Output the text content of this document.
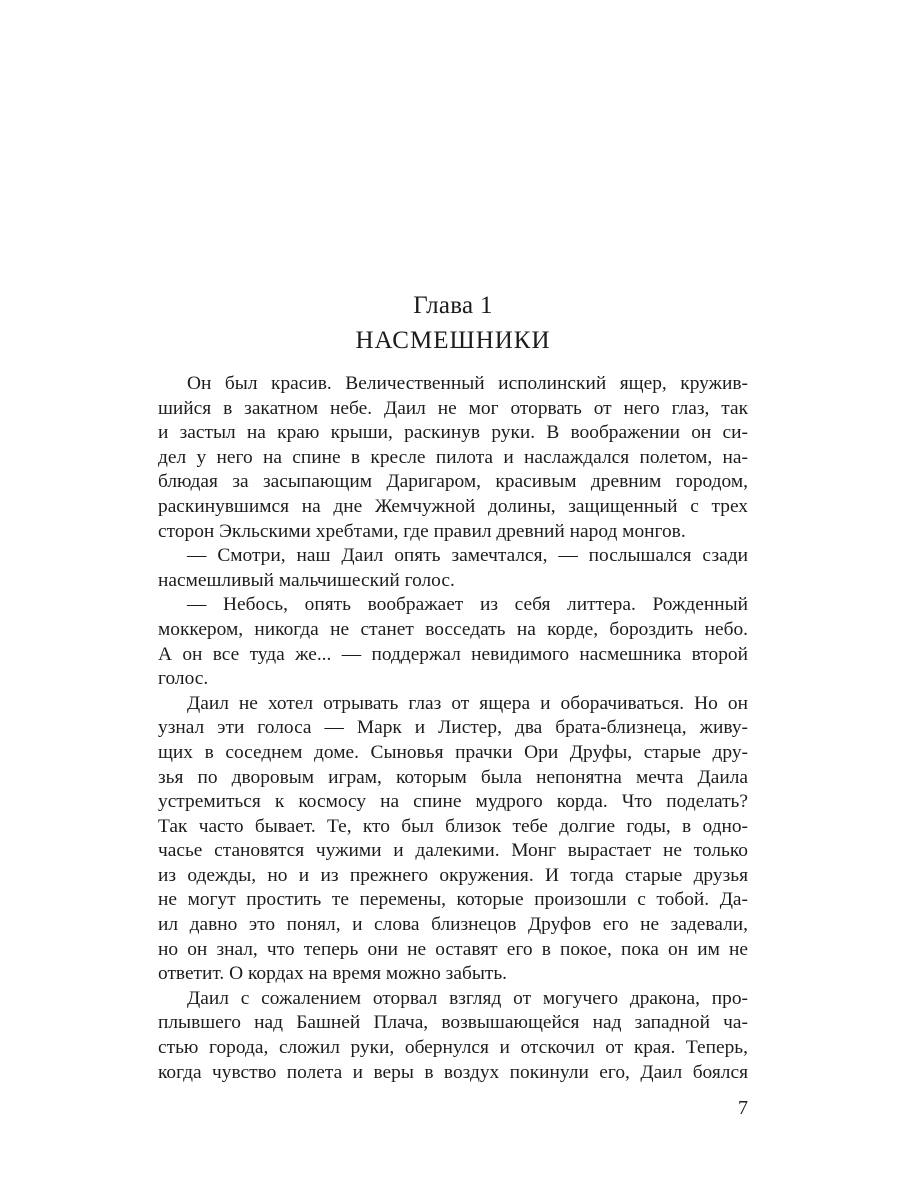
Глава 1
НАСМЕШНИКИ
Он был красив. Величественный исполинский ящер, кружив-
шийся в закатном небе. Даил не мог оторвать от него глаз, так
и застыл на краю крыши, раскинув руки. В воображении он си-
дел у него на спине в кресле пилота и наслаждался полетом, на-
блюдая за засыпающим Даригаром, красивым древним городом,
раскинувшимся на дне Жемчужной долины, защищенный с трех
сторон Экльскими хребтами, где правил древний народ монгов.
— Смотри, наш Даил опять замечтался, — послышался сзади
насмешливый мальчишеский голос.
— Небось, опять воображает из себя литтера. Рожденный
моккером, никогда не станет восседать на корде, бороздить небо.
А он все туда же... — поддержал невидимого насмешника второй
голос.
Даил не хотел отрывать глаз от ящера и оборачиваться. Но он
узнал эти голоса — Марк и Листер, два брата-близнеца, живу-
щих в соседнем доме. Сыновья прачки Ори Друфы, старые дру-
зья по дворовым играм, которым была непонятна мечта Даила
устремиться к космосу на спине мудрого корда. Что поделать?
Так часто бывает. Те, кто был близок тебе долгие годы, в одно-
часье становятся чужими и далекими. Монг вырастает не только
из одежды, но и из прежнего окружения. И тогда старые друзья
не могут простить те перемены, которые произошли с тобой. Да-
ил давно это понял, и слова близнецов Друфов его не задевали,
но он знал, что теперь они не оставят его в покое, пока он им не
ответит. О кордах на время можно забыть.
Даил с сожалением оторвал взгляд от могучего дракона, про-
плывшего над Башней Плача, возвышающейся над западной ча-
стью города, сложил руки, обернулся и отскочил от края. Теперь,
когда чувство полета и веры в воздух покинули его, Даил боялся
7
